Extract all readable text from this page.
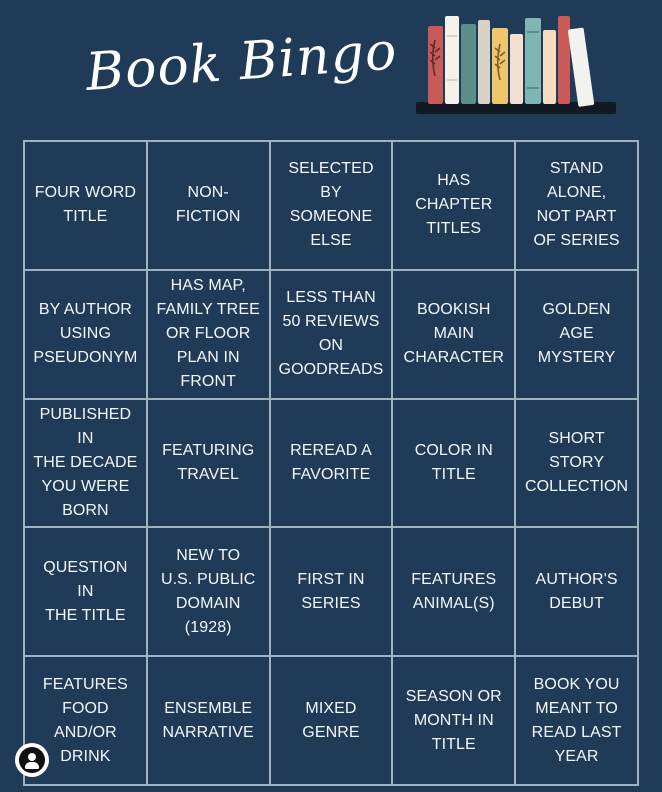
Book Bingo
FOUR WORD
TITLE
NON-
FICTION
SELECTED
BY
SOMEONE
ELSE
HAS
CHAPTER
TITLES
STAND
ALONE,
NOT PART
OF SERIES
BY AUTHOR
USING
PSEUDONYM
HAS MAP,
FAMILY TREE
OR FLOOR
PLAN IN
FRONT
LESS THAN
50 REVIEWS
ON
GOODREADS
BOOKISH
MAIN
CHARACTER
GOLDEN
AGE
MYSTERY
PUBLISHED
IN
THE DECADE
YOU WERE
BORN
FEATURING
TRAVEL
REREAD A
FAVORITE
COLOR IN
TITLE
SHORT
STORY
COLLECTION
QUESTION
IN
THE TITLE
NEW TO
U.S. PUBLIC
DOMAIN
(1928)
FIRST IN
SERIES
FEATURES
ANIMAL(S)
AUTHOR'S
DEBUT
FEATURES
FOOD
AND/OR
DRINK
ENSEMBLE
NARRATIVE
MIXED
GENRE
SEASON OR
MONTH IN
TITLE
BOOK YOU
MEANT TO
READ LAST
YEAR
